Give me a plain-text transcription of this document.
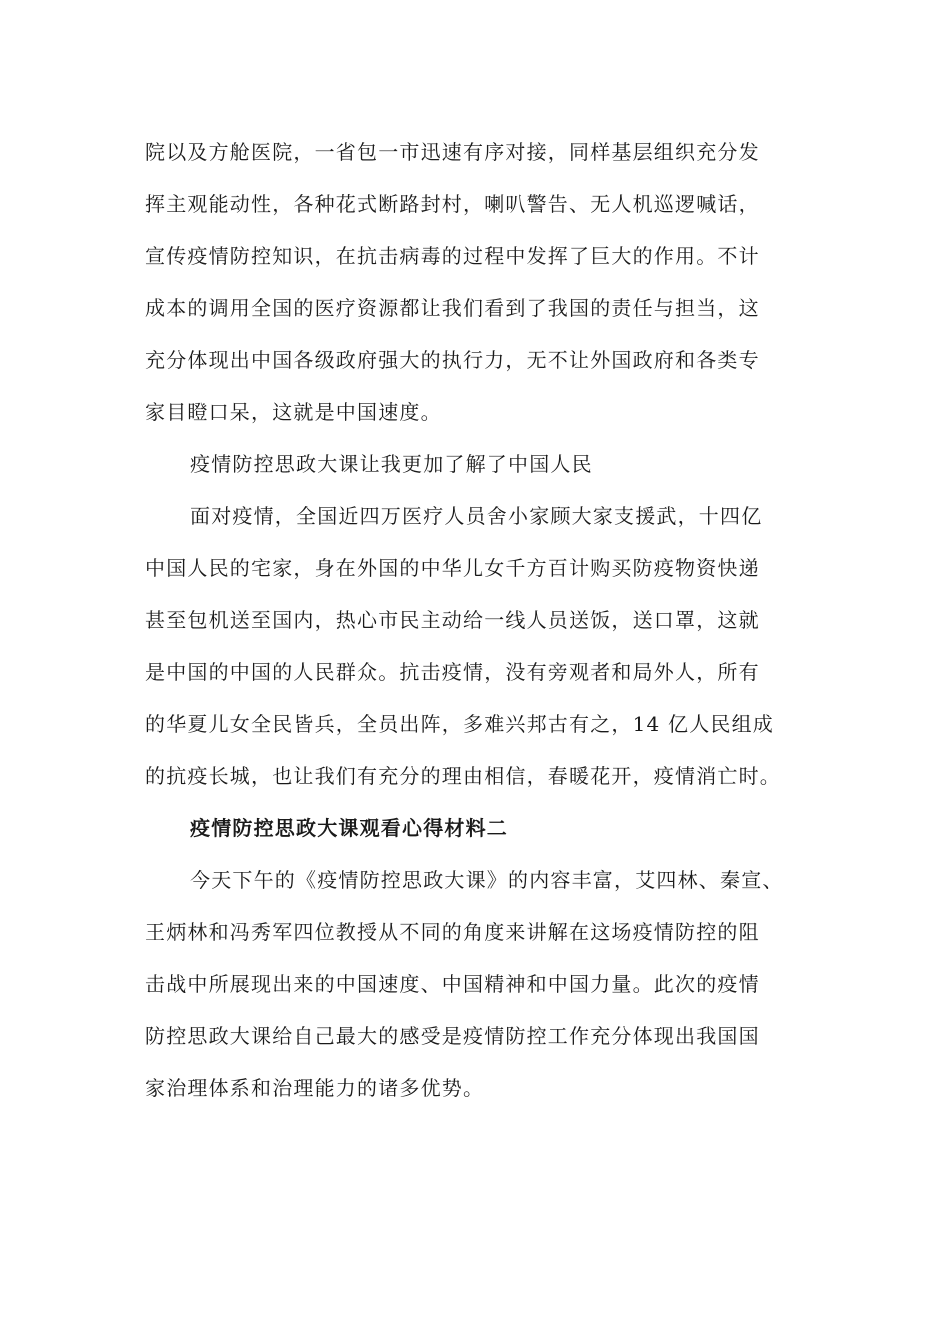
院以及方舱医院，一省包一市迅速有序对接，同样基层组织充分发
挥主观能动性，各种花式断路封村，喇叭警告、无人机巡逻喊话，
宣传疫情防控知识，在抗击病毒的过程中发挥了巨大的作用。不计
成本的调用全国的医疗资源都让我们看到了我国的责任与担当，这
充分体现出中国各级政府强大的执行力，无不让外国政府和各类专
家目瞪口呆，这就是中国速度。
疫情防控思政大课让我更加了解了中国人民
面对疫情，全国近四万医疗人员舍小家顾大家支援武，十四亿
中国人民的宅家，身在外国的中华儿女千方百计购买防疫物资快递
甚至包机送至国内，热心市民主动给一线人员送饭，送口罩，这就
是中国的中国的人民群众。抗击疫情，没有旁观者和局外人，所有
的华夏儿女全民皆兵，全员出阵，多难兴邦古有之，14 亿人民组成
的抗疫长城，也让我们有充分的理由相信，春暖花开，疫情消亡时。
疫情防控思政大课观看心得材料二
今天下午的《疫情防控思政大课》的内容丰富，艾四林、秦宣、
王炳林和冯秀军四位教授从不同的角度来讲解在这场疫情防控的阻
击战中所展现出来的中国速度、中国精神和中国力量。此次的疫情
防控思政大课给自己最大的感受是疫情防控工作充分体现出我国国
家治理体系和治理能力的诸多优势。
